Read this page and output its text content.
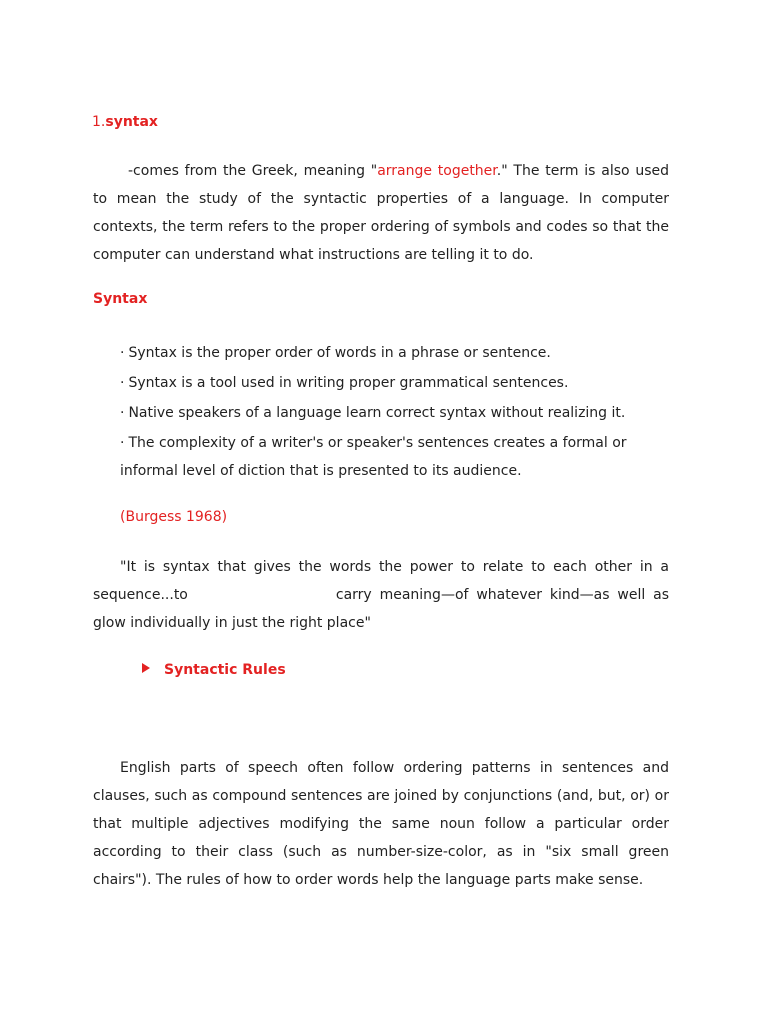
1.syntax

-comes from the Greek, meaning "arrange together." The term is also used to mean the study of the syntactic properties of a language. In computer contexts, the term refers to the proper ordering of symbols and codes so that the computer can understand what instructions are telling it to do.

Syntax
· Syntax is the proper order of words in a phrase or sentence.
· Syntax is a tool used in writing proper grammatical sentences.
· Native speakers of a language learn correct syntax without realizing it.
· The complexity of a writer's or speaker's sentences creates a formal or informal level of diction that is presented to its audience.
(Burgess 1968)

"It is syntax that gives the words the power to relate to each other in a sequence...to	carry meaning—of whatever kind—as well as glow individually in just the right place"

Syntactic Rules

English parts of speech often follow ordering patterns in sentences and clauses, such as compound sentences are joined by conjunctions (and, but, or) or that multiple adjectives modifying the same noun follow a particular order according to their class (such as number-size-color, as in "six small green chairs"). The rules of how to order words help the language parts make sense.
